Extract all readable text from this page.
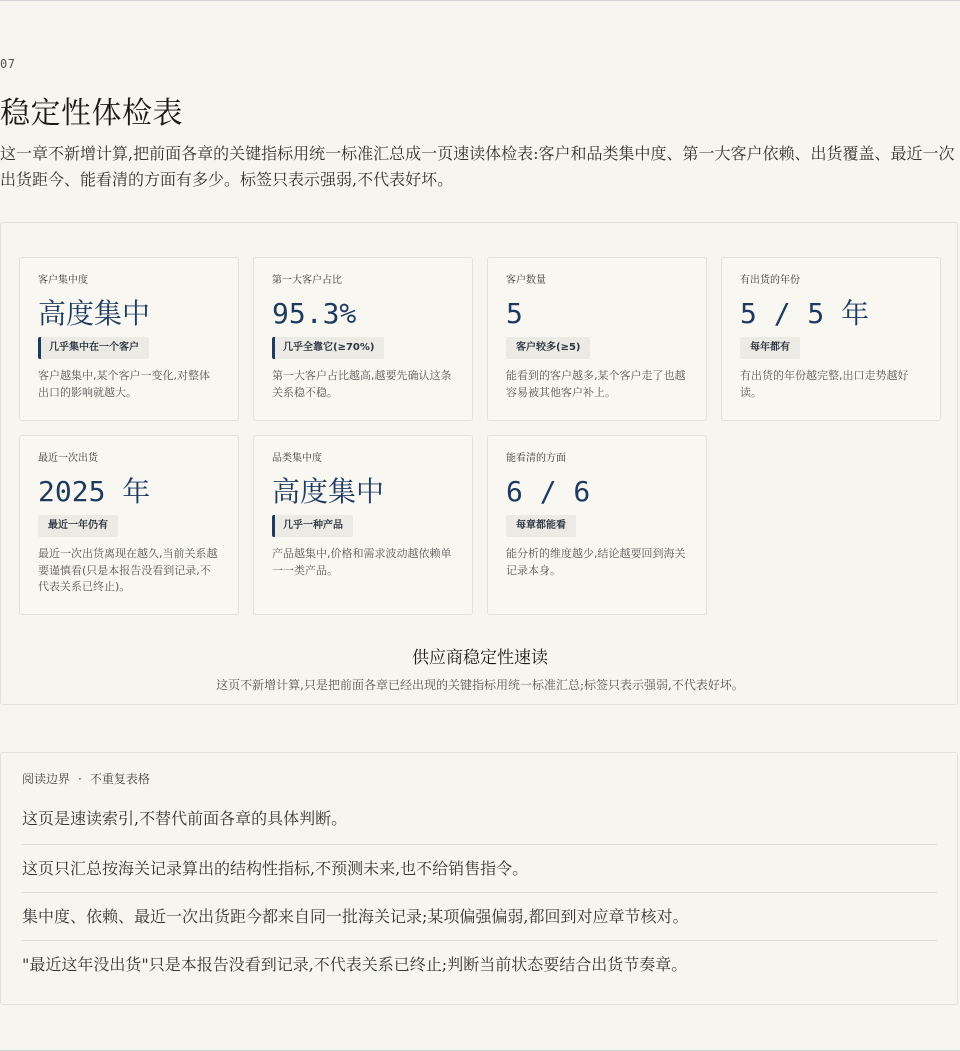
07
稳定性体检表

这一章不新增计算,把前面各章的关键指标用统一标准汇总成一页速读体检表:客户和品类集中度、第一大客户依赖、出货覆盖、最近一次出货距今、能看清的方面有多少。标签只表示强弱,不代表好坏。

客户集中度
高度集中
几乎集中在一个客户
客户越集中,某个客户一变化,对整体出口的影响就越大。
第一大客户占比
95.3%
几乎全靠它(≥70%)
第一大客户占比越高,越要先确认这条关系稳不稳。
客户数量
5
客户较多(≥5)
能看到的客户越多,某个客户走了也越容易被其他客户补上。
有出货的年份
5 / 5 年
每年都有
有出货的年份越完整,出口走势越好读。
最近一次出货
2025 年
最近一年仍有
最近一次出货离现在越久,当前关系越要谨慎看(只是本报告没看到记录,不代表关系已终止)。
品类集中度
高度集中
几乎一种产品
产品越集中,价格和需求波动越依赖单一一类产品。
能看清的方面
6 / 6
每章都能看
能分析的维度越少,结论越要回到海关记录本身。
供应商稳定性速读
这页不新增计算,只是把前面各章已经出现的关键指标用统一标准汇总;标签只表示强弱,不代表好坏。
阅读边界 · 不重复表格
这页是速读索引,不替代前面各章的具体判断。
这页只汇总按海关记录算出的结构性指标,不预测未来,也不给销售指令。
集中度、依赖、最近一次出货距今都来自同一批海关记录;某项偏强偏弱,都回到对应章节核对。
"最近这年没出货"只是本报告没看到记录,不代表关系已终止;判断当前状态要结合出货节奏章。
